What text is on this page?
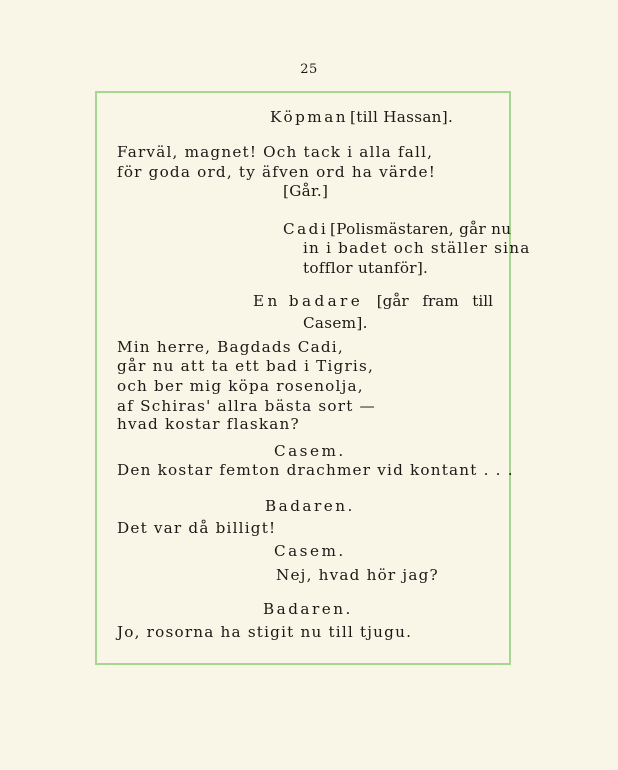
25
Köpman [till Hassan].
Farväl, magnet! Och tack i alla fall,
för goda ord, ty äfven ord ha värde!
[Går.]
Cadi [Polismästaren, går nu
in i badet och ställer sina
tofflor utanför].
En badare [går fram till
Casem].
Min herre, Bagdads Cadi,
går nu att ta ett bad i Tigris,
och ber mig köpa rosenolja,
af Schiras' allra bästa sort —
hvad kostar flaskan?
Casem.
Den kostar femton drachmer vid kontant . . .
Badaren.
Det var då billigt!
Casem.
Nej, hvad hör jag?
Badaren.
Jo, rosorna ha stigit nu till tjugu.
